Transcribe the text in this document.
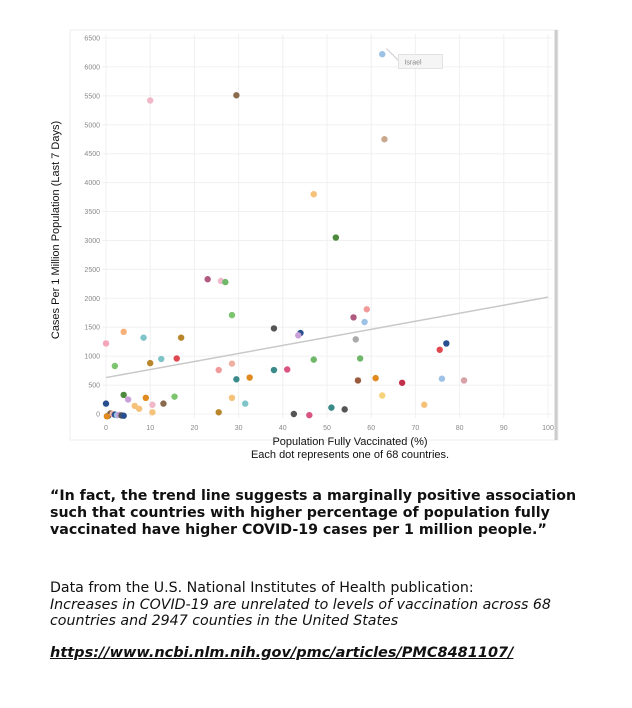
0	10	20	30	40	50	60	70	80	90	100
0
500
1000
1500
2000
2500
3000
3500
4000
4500
5000
5500
6000
6500
Israel
Cases Per 1 Million Population (Last 7 Days)
Population Fully Vaccinated (%)
Each dot represents one of 68 countries.
“In fact, the trend line suggests a marginally positive association such that countries with higher percentage of population fully vaccinated have higher COVID-19 cases per 1 million people.”
Data from the U.S. National Institutes of Health publication:
Increases in COVID-19 are unrelated to levels of vaccination across 68 countries and 2947 counties in the United States
https://www.ncbi.nlm.nih.gov/pmc/articles/PMC8481107/
